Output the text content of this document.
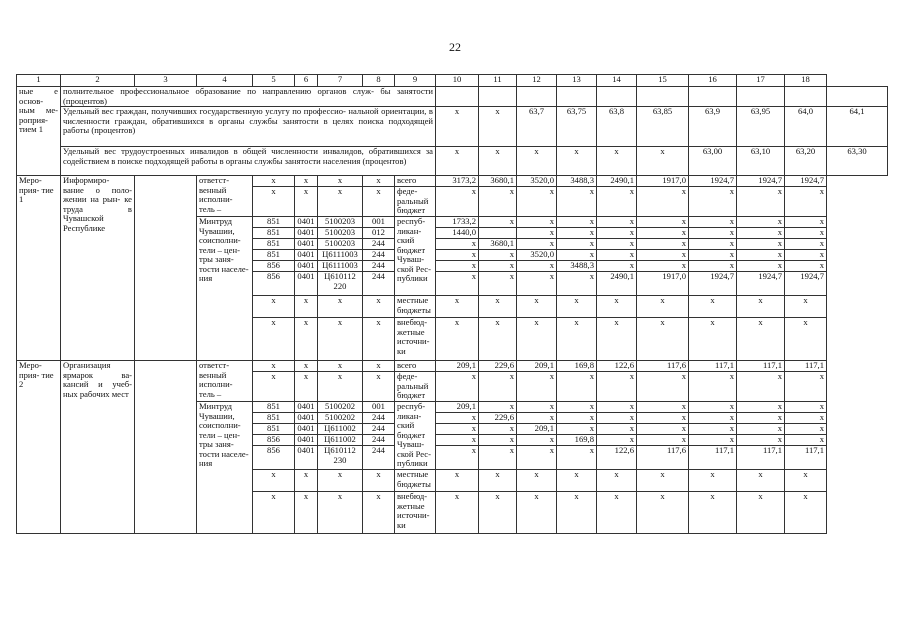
22
1	2	3	4	5	6	7	8	9	10	11	12	13	14	15	16	17	18	
ные е основ- ным ме- роприя- тием 1	полнительное профессиональное образование по направлению органов служ- бы занятости (процентов)																	
	Удельный вес граждан, получивших государственную услугу по профессио- нальной ориентации, в численности граждан, обратившихся в органы службы занятости в целях поиска подходящей работы (процентов)								x	x	63,7	63,75	63,8	63,85	63,9	63,95	64,0	64,1
	Удельный вес трудоустроенных инвалидов в общей численности инвалидов, обратившихся за содействием в поиске подходящей работы в органы службы занятости населения (процентов)								x	x	x	x	x	x	63,00	63,10	63,20	63,30
Меро- прия- тие 1	Информиро- вание о поло- жении на рын- ке труда в Чувашской Республике		ответст- венный исполни- тель –	x	x	x	x	всего	3173,2	3680,1	3520,0	3488,3	2490,1	1917,0	1924,7	1924,7	1924,7	
				x	x	x	x	феде- ральный бюджет	x	x	x	x	x	x	x	x	x	
			Минтруд Чувашии, соисполни- тели – цен- тры заня- тости населе- ния	851	0401	5100203	001	респуб- ликан- ский бюджет Чуваш- ской Рес- публики	1733,2	x	x	x	x	x	x	x	x	
				851	0401	5100203	012		1440,0		x	x	x	x	x	x	x	
				851	0401	5100203	244		x	3680,1	x	x	x	x	x	x	x	
				851	0401	Ц6111003	244		x	x	3520,0	x	x	x	x	x	x	
				856	0401	Ц6111003	244		x	x	x	3488,3	x	x	x	x	x	
				856	0401	Ц610112 220	244		x	x	x	x	2490,1	1917,0	1924,7	1924,7	1924,7	
				x	x	x	x	местные бюджеты	x	x	x	x	x	x	x	x	x	
				x	x	x	x	внебюд- жетные источни- ки	x	x	x	x	x	x	x	x	x	
Меро- прия- тие 2	Организация ярмарок ва- кансий и учеб- ных рабочих мест		ответст- венный исполни- тель –	x	x	x	x	всего	209,1	229,6	209,1	169,8	122,6	117,6	117,1	117,1	117,1	
				x	x	x	x	феде- ральный бюджет	x	x	x	x	x	x	x	x	x	
			Минтруд Чувашии, соисполни- тели – цен- тры заня- тости населе- ния	851	0401	5100202	001	респуб- ликан- ский бюджет Чуваш- ской Рес- публики	209,1	x	x	x	x	x	x	x	x	
				851	0401	5100202	244		x	229,6	x	x	x	x	x	x	x	
				851	0401	Ц611002	244		x	x	209,1	x	x	x	x	x	x	
				856	0401	Ц611002	244		x	x	x	169,8	x	x	x	x	x	
				856	0401	Ц610112 230	244		x	x	x	x	122,6	117,6	117,1	117,1	117,1	
				x	x	x	x	местные бюджеты	x	x	x	x	x	x	x	x	x	
				x	x	x	x	внебюд- жетные источни- ки	x	x	x	x	x	x	x	x	x	
